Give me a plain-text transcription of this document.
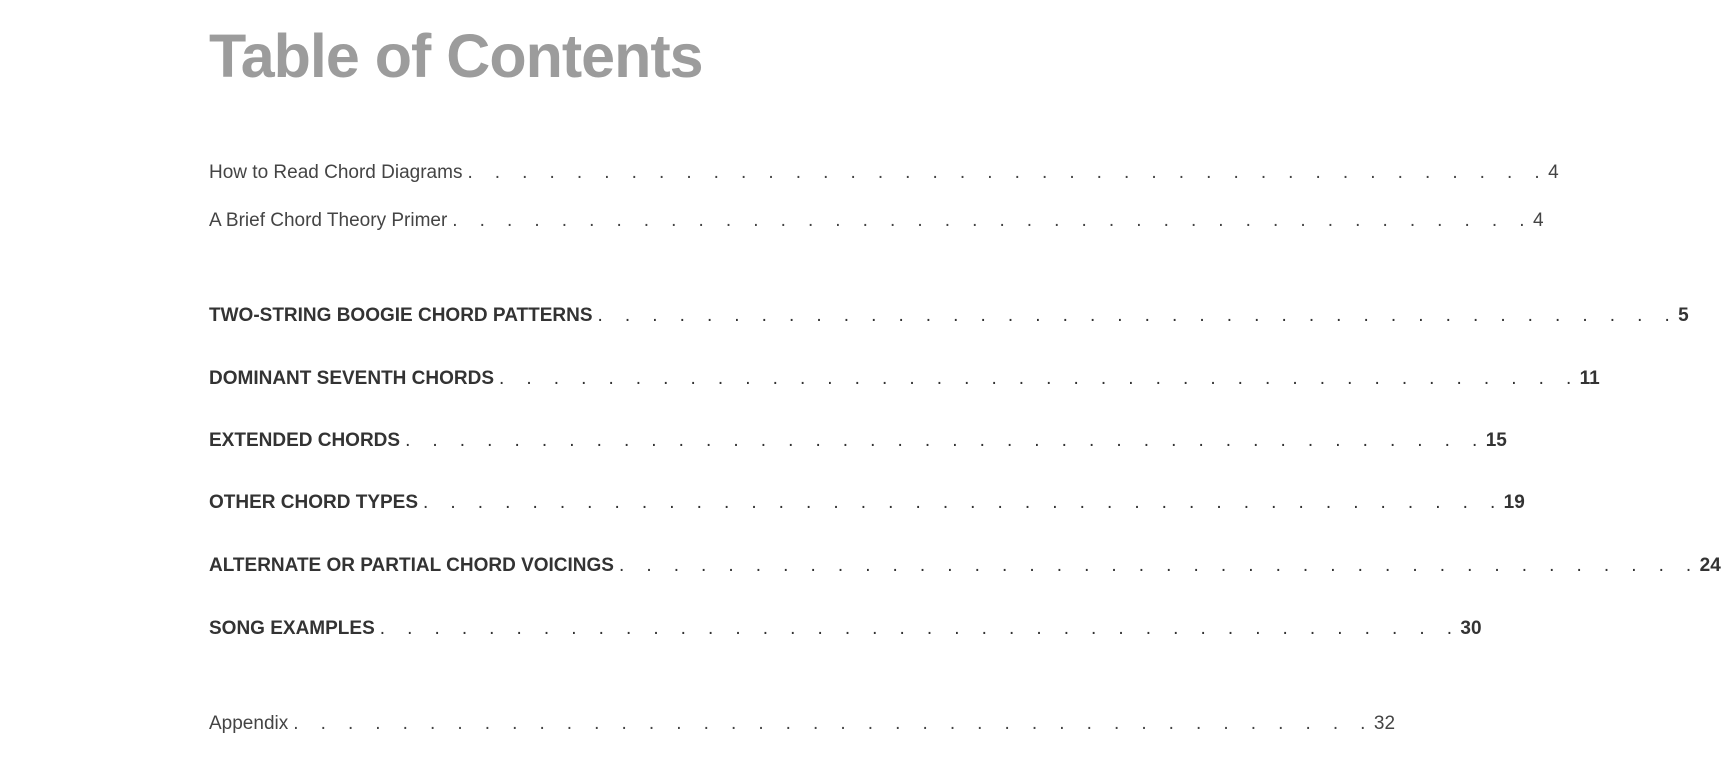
Table of Contents
How to Read Chord Diagrams . . . . . . . . . . . . . . . . . . . . . . . . . . . . . . . . . . . . . . . . 4
A Brief Chord Theory Primer . . . . . . . . . . . . . . . . . . . . . . . . . . . . . . . . . . . . . . . . 4
TWO-STRING BOOGIE CHORD PATTERNS . . . . . . . . . . . . . . . . . . . . . . . . . . . . . . . . . . . . . . . . 5
DOMINANT SEVENTH CHORDS . . . . . . . . . . . . . . . . . . . . . . . . . . . . . . . . . . . . . . . . 11
EXTENDED CHORDS . . . . . . . . . . . . . . . . . . . . . . . . . . . . . . . . . . . . . . . . 15
OTHER CHORD TYPES . . . . . . . . . . . . . . . . . . . . . . . . . . . . . . . . . . . . . . . . 19
ALTERNATE OR PARTIAL CHORD VOICINGS . . . . . . . . . . . . . . . . . . . . . . . . . . . . . . . . . . . . . . . . 24
SONG EXAMPLES . . . . . . . . . . . . . . . . . . . . . . . . . . . . . . . . . . . . . . . . 30
Appendix . . . . . . . . . . . . . . . . . . . . . . . . . . . . . . . . . . . . . . . . 32
